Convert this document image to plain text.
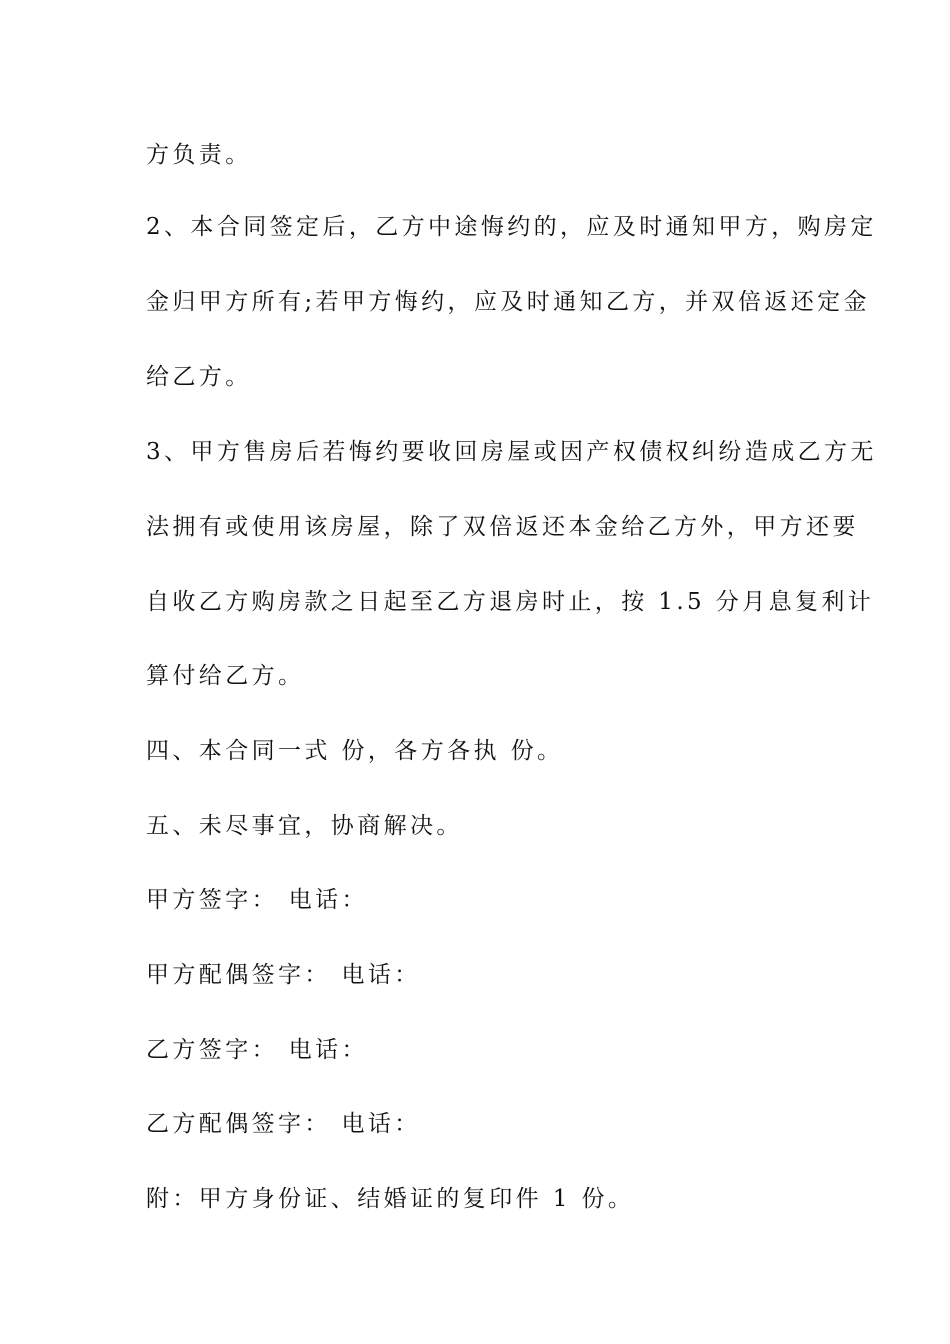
方负责。
2、本合同签定后，乙方中途悔约的，应及时通知甲方，购房定
金归甲方所有;若甲方悔约，应及时通知乙方，并双倍返还定金
给乙方。
3、甲方售房后若悔约要收回房屋或因产权债权纠纷造成乙方无
法拥有或使用该房屋，除了双倍返还本金给乙方外，甲方还要
自收乙方购房款之日起至乙方退房时止，按 1.5 分月息复利计
算付给乙方。
四、本合同一式 份，各方各执 份。
五、未尽事宜，协商解决。
甲方签字： 电话：
甲方配偶签字： 电话：
乙方签字： 电话：
乙方配偶签字： 电话：
附：甲方身份证、结婚证的复印件 1 份。
